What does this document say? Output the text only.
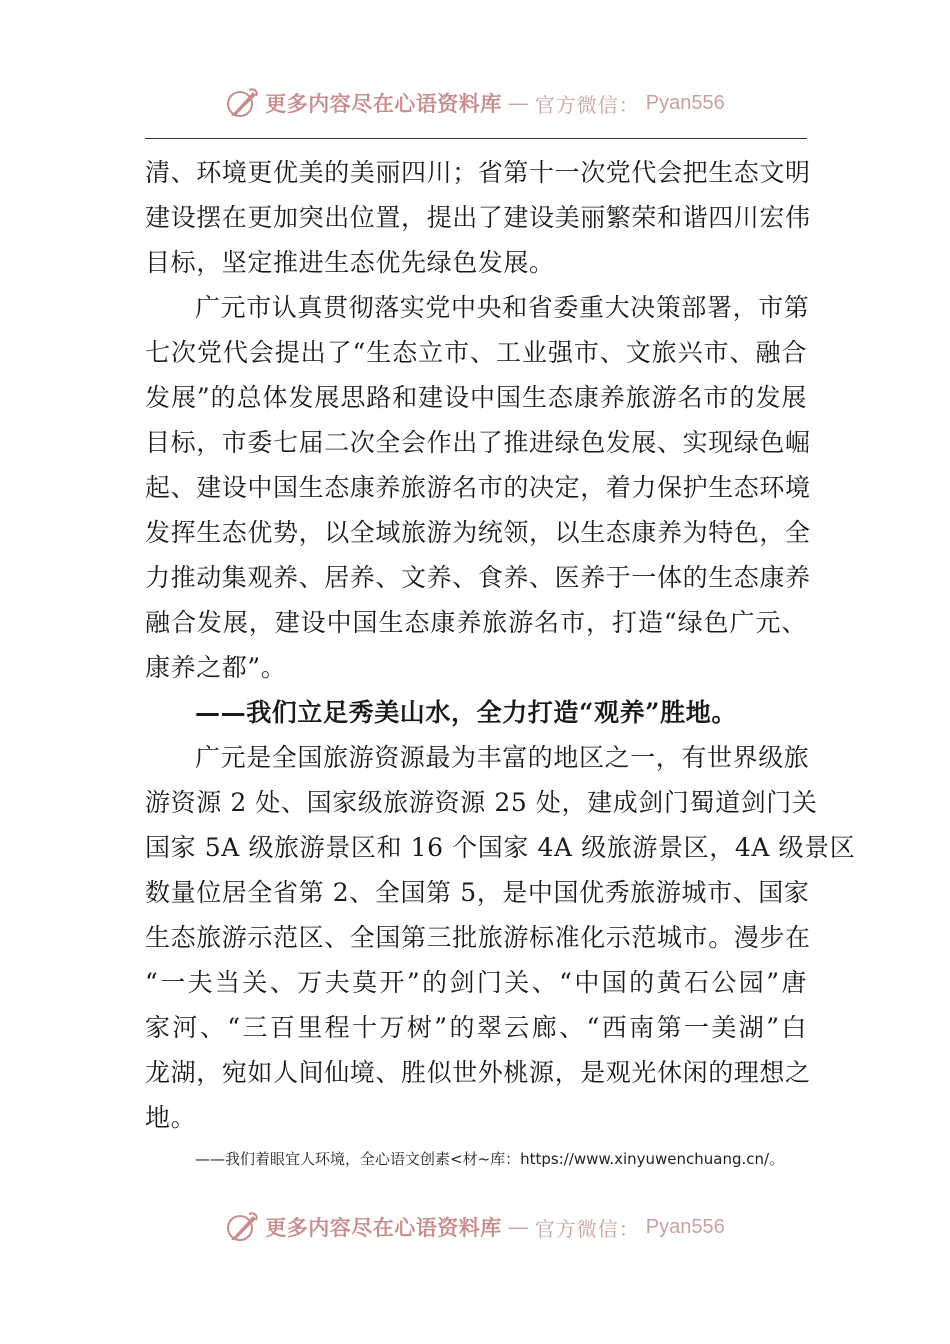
更多内容尽在心语资料库 — 官方微信： Pyan556
清、环境更优美的美丽四川；省第十一次党代会把生态文明
建设摆在更加突出位置，提出了建设美丽繁荣和谐四川宏伟
目标，坚定推进生态优先绿色发展。
广元市认真贯彻落实党中央和省委重大决策部署，市第
七次党代会提出了“生态立市、工业强市、文旅兴市、融合
发展”的总体发展思路和建设中国生态康养旅游名市的发展
目标，市委七届二次全会作出了推进绿色发展、实现绿色崛
起、建设中国生态康养旅游名市的决定，着力保护生态环境
发挥生态优势，以全域旅游为统领，以生态康养为特色，全
力推动集观养、居养、文养、食养、医养于一体的生态康养
融合发展，建设中国生态康养旅游名市，打造“绿色广元、
康养之都”。
——我们立足秀美山水，全力打造“观养”胜地。
广元是全国旅游资源最为丰富的地区之一，有世界级旅
游资源 2 处、国家级旅游资源 25 处，建成剑门蜀道剑门关
国家 5A 级旅游景区和 16 个国家 4A 级旅游景区，4A 级景区
数量位居全省第 2、全国第 5，是中国优秀旅游城市、国家
生态旅游示范区、全国第三批旅游标准化示范城市。漫步在
“一夫当关、万夫莫开”的剑门关、“中国的黄石公园”唐
家河、“三百里程十万树”的翠云廊、“西南第一美湖”白
龙湖，宛如人间仙境、胜似世外桃源，是观光休闲的理想之
地。
——我们着眼宜人环境，全心语文创素<材~库：https://www.xinyuwenchuang.cn/。
更多内容尽在心语资料库 — 官方微信： Pyan556
